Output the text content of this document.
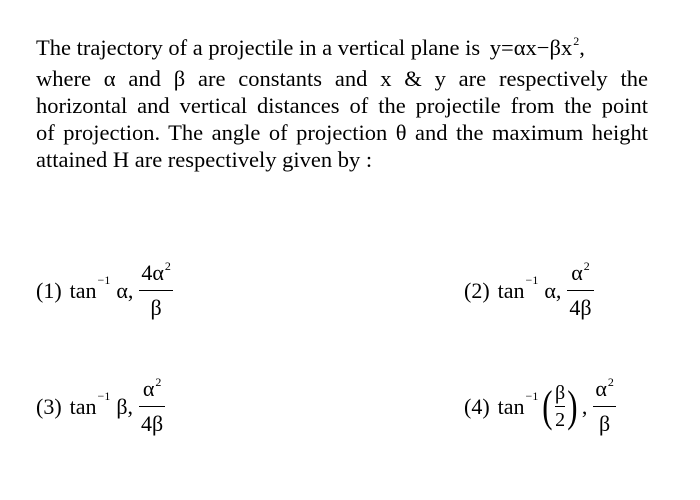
The trajectory of a projectile in a vertical plane is $y=\alpha x-\beta x^2$,
where α and β are constants and x & y are respectively the
horizontal and vertical distances of the projectile from the point
of projection. The angle of projection θ and the maximum height
attained H are respectively given by :
(1) tan −1 α, $\frac{4\alpha^2}{\beta}$	(2) tan −1 α, $\frac{\alpha^2}{4\beta}$
(3) tan −1 β, $\frac{\alpha^2}{4\beta}$	(4) tan −1 ( $\frac{\beta}{2}$ ) , $\frac{\alpha^2}{\beta}$
